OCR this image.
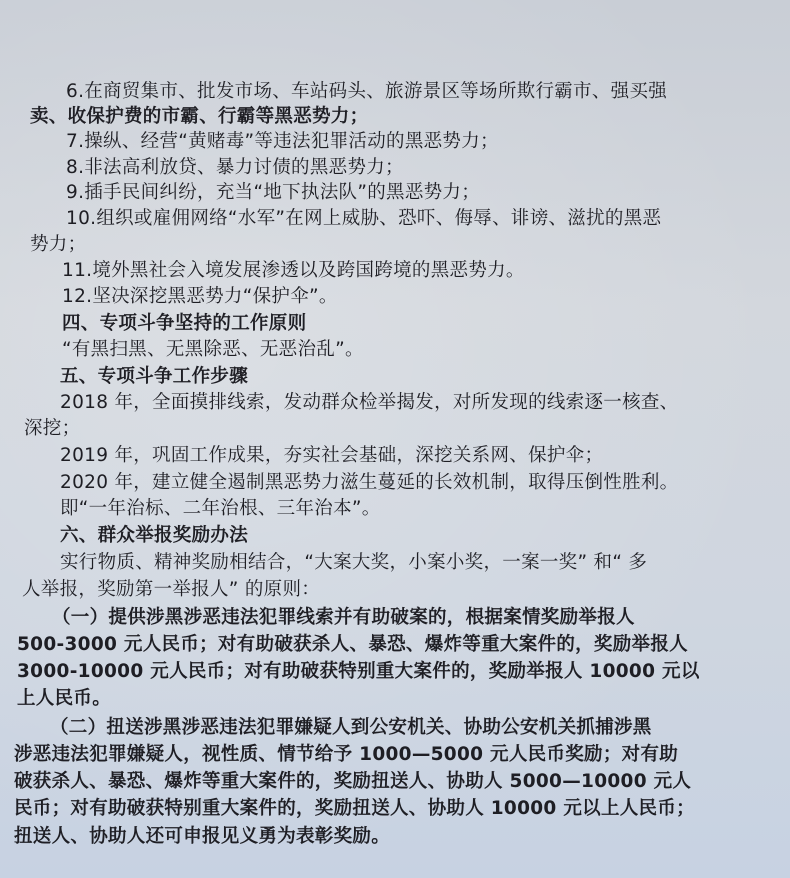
6.在商贸集市、批发市场、车站码头、旅游景区等场所欺行霸市、强买强
卖、收保护费的市霸、行霸等黑恶势力；
7.操纵、经营“黄赌毒”等违法犯罪活动的黑恶势力；
8.非法高利放贷、暴力讨债的黑恶势力；
9.插手民间纠纷，充当“地下执法队”的黑恶势力；
10.组织或雇佣网络“水军”在网上威胁、恐吓、侮辱、诽谤、滋扰的黑恶
势力；
11.境外黑社会入境发展渗透以及跨国跨境的黑恶势力。
12.坚决深挖黑恶势力“保护伞”。
四、专项斗争坚持的工作原则
“有黑扫黑、无黑除恶、无恶治乱”。
五、专项斗争工作步骤
2018 年，全面摸排线索，发动群众检举揭发，对所发现的线索逐一核查、
深挖；
2019 年，巩固工作成果，夯实社会基础，深挖关系网、保护伞；
2020 年，建立健全遏制黑恶势力滋生蔓延的长效机制，取得压倒性胜利。
即“一年治标、二年治根、三年治本”。
六、群众举报奖励办法
实行物质、精神奖励相结合，“大案大奖，小案小奖，一案一奖” 和“ 多
人举报，奖励第一举报人” 的原则：
（一）提供涉黑涉恶违法犯罪线索并有助破案的，根据案情奖励举报人
500-3000 元人民币；对有助破获杀人、暴恐、爆炸等重大案件的，奖励举报人
3000-10000 元人民币；对有助破获特别重大案件的，奖励举报人 10000 元以
上人民币。
（二）扭送涉黑涉恶违法犯罪嫌疑人到公安机关、协助公安机关抓捕涉黑
涉恶违法犯罪嫌疑人，视性质、情节给予 1000—5000 元人民币奖励；对有助
破获杀人、暴恐、爆炸等重大案件的，奖励扭送人、协助人 5000—10000 元人
民币；对有助破获特别重大案件的，奖励扭送人、协助人 10000 元以上人民币；
扭送人、协助人还可申报见义勇为表彰奖励。
